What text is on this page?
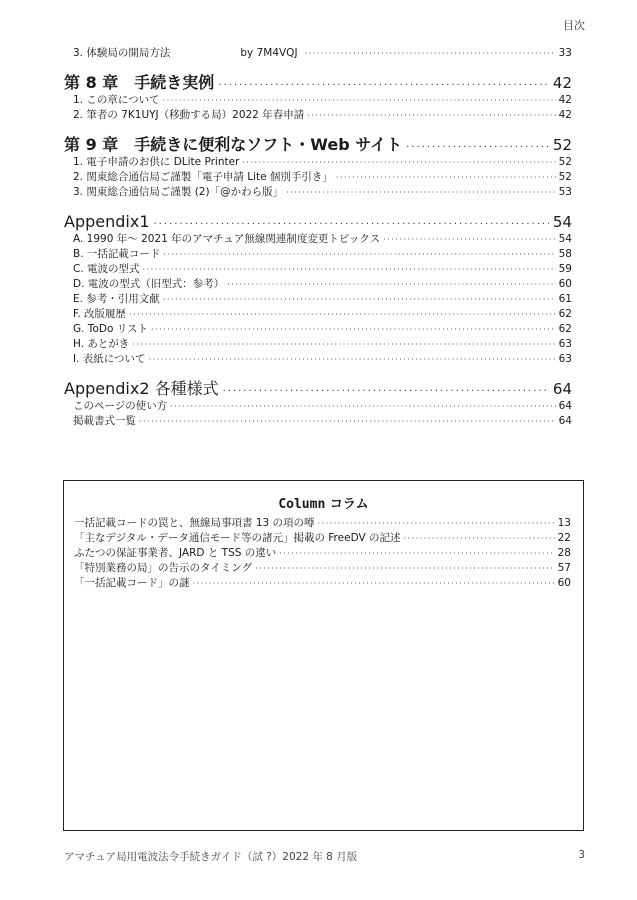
目次
3. 体験局の開局方法	by 7M4VQJ ·····	33
第 8 章　手続き実例 ·····	42
1. この章について ·····	42
2. 筆者の 7K1UYJ（移動する局）2022 年春申請 ·····	42
第 9 章　手続きに便利なソフト・Web サイト ·····	52
1. 電子申請のお供に DLite Printer ·····	52
2. 関東総合通信局ご謹製「電子申請 Lite 個別手引き」 ·····	52
3. 関東総合通信局ご謹製 (2)「@かわら版」 ·····	53
Appendix1 ·····	54
A. 1990 年～ 2021 年のアマチュア無線関連制度変更トピックス ·····	54
B. 一括記載コード ·····	58
C. 電波の型式 ·····	59
D. 電波の型式（旧型式：参考） ·····	60
E. 参考・引用文献 ·····	61
F. 改版履歴 ·····	62
G. ToDo リスト ·····	62
H. あとがき ·····	63
I. 表紙について ·····	63
Appendix2 各種様式 ·····	64
このページの使い方 ·····	64
掲載書式一覧 ·····	64
Column コラム
一括記載コードの罠と、無線局事項書 13 の項の噂 ·····	13
「主なデジタル・データ通信モード等の諸元」掲載の FreeDV の記述 ·····	22
ふたつの保証事業者、JARD と TSS の違い ·····	28
「特別業務の局」の告示のタイミング ·····	57
「一括記載コード」の謎 ·····	60
アマチュア局用電波法令手続きガイド（試 ?）2022 年 8 月版	3
